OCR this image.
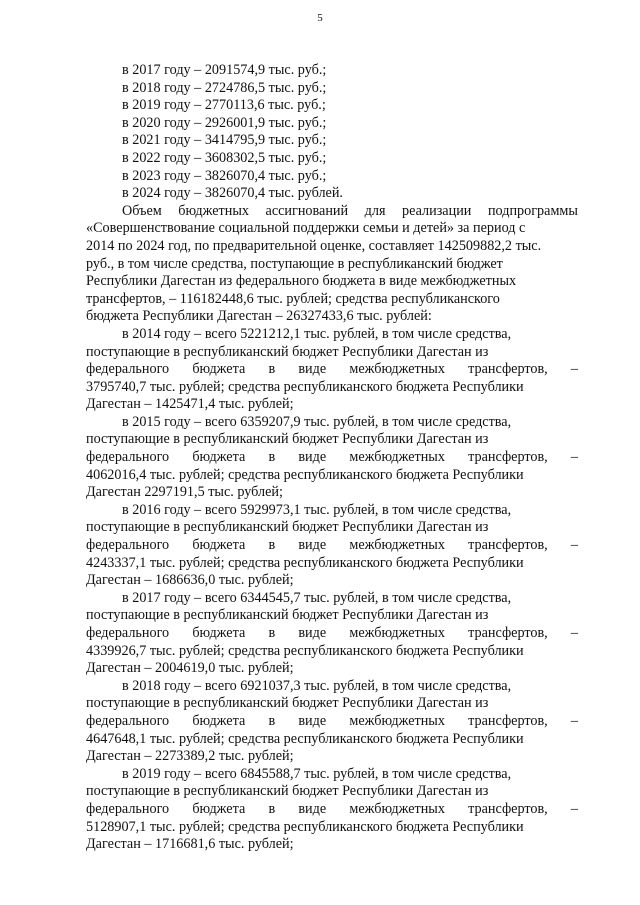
5
в 2017 году – 2091574,9 тыс. руб.;
в 2018 году – 2724786,5 тыс. руб.;
в 2019 году – 2770113,6 тыс. руб.;
в 2020 году – 2926001,9 тыс. руб.;
в 2021 году – 3414795,9 тыс. руб.;
в 2022 году – 3608302,5 тыс. руб.;
в 2023 году – 3826070,4 тыс. руб.;
в 2024 году – 3826070,4 тыс. рублей.
Объем бюджетных ассигнований для реализации подпрограммы
«Совершенствование социальной поддержки семьи и детей» за период с
2014 по 2024 год, по предварительной оценке, составляет 142509882,2 тыс.
руб., в том числе средства, поступающие в республиканский бюджет
Республики Дагестан из федерального бюджета в виде межбюджетных
трансфертов, – 116182448,6 тыс. рублей; средства республиканского
бюджета Республики Дагестан – 26327433,6 тыс. рублей:
в 2014 году – всего 5221212,1 тыс. рублей, в том числе средства,
поступающие в республиканский бюджет Республики Дагестан из
федерального бюджета в виде межбюджетных трансфертов, –
3795740,7 тыс. рублей; средства республиканского бюджета Республики
Дагестан – 1425471,4 тыс. рублей;
в 2015 году – всего 6359207,9 тыс. рублей, в том числе средства,
поступающие в республиканский бюджет Республики Дагестан из
федерального бюджета в виде межбюджетных трансфертов, –
4062016,4 тыс. рублей; средства республиканского бюджета Республики
Дагестан 2297191,5 тыс. рублей;
в 2016 году – всего 5929973,1 тыс. рублей, в том числе средства,
поступающие в республиканский бюджет Республики Дагестан из
федерального бюджета в виде межбюджетных трансфертов, –
4243337,1 тыс. рублей; средства республиканского бюджета Республики
Дагестан – 1686636,0 тыс. рублей;
в 2017 году – всего 6344545,7 тыс. рублей, в том числе средства,
поступающие в республиканский бюджет Республики Дагестан из
федерального бюджета в виде межбюджетных трансфертов, –
4339926,7 тыс. рублей; средства республиканского бюджета Республики
Дагестан – 2004619,0 тыс. рублей;
в 2018 году – всего 6921037,3 тыс. рублей, в том числе средства,
поступающие в республиканский бюджет Республики Дагестан из
федерального бюджета в виде межбюджетных трансфертов, –
4647648,1 тыс. рублей; средства республиканского бюджета Республики
Дагестан – 2273389,2 тыс. рублей;
в 2019 году – всего 6845588,7 тыс. рублей, в том числе средства,
поступающие в республиканский бюджет Республики Дагестан из
федерального бюджета в виде межбюджетных трансфертов, –
5128907,1 тыс. рублей; средства республиканского бюджета Республики
Дагестан – 1716681,6 тыс. рублей;
